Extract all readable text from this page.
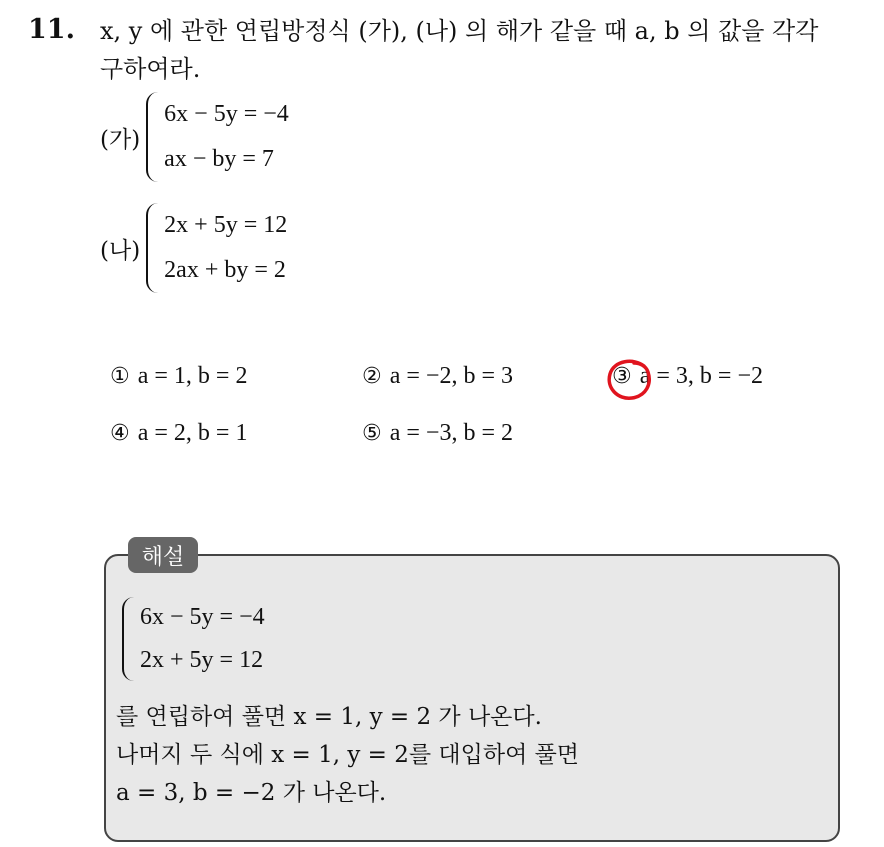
11. x, y 에 관한 연립방정식 (가), (나) 의 해가 같을 때 a, b 의 값을 각각
구하여라.
(가)
6x − 5y = −4
ax − by = 7
(나)
2x + 5y = 12
2ax + by = 2
① a = 1, b = 2	② a = −2, b = 3	③ a = 3, b = −2
④ a = 2, b = 1	⑤ a = −3, b = 2
해설
6x − 5y = −4
2x + 5y = 12
를 연립하여 풀면 x = 1, y = 2 가 나온다.
나머지 두 식에 x = 1, y = 2를 대입하여 풀면
a = 3, b = −2 가 나온다.
